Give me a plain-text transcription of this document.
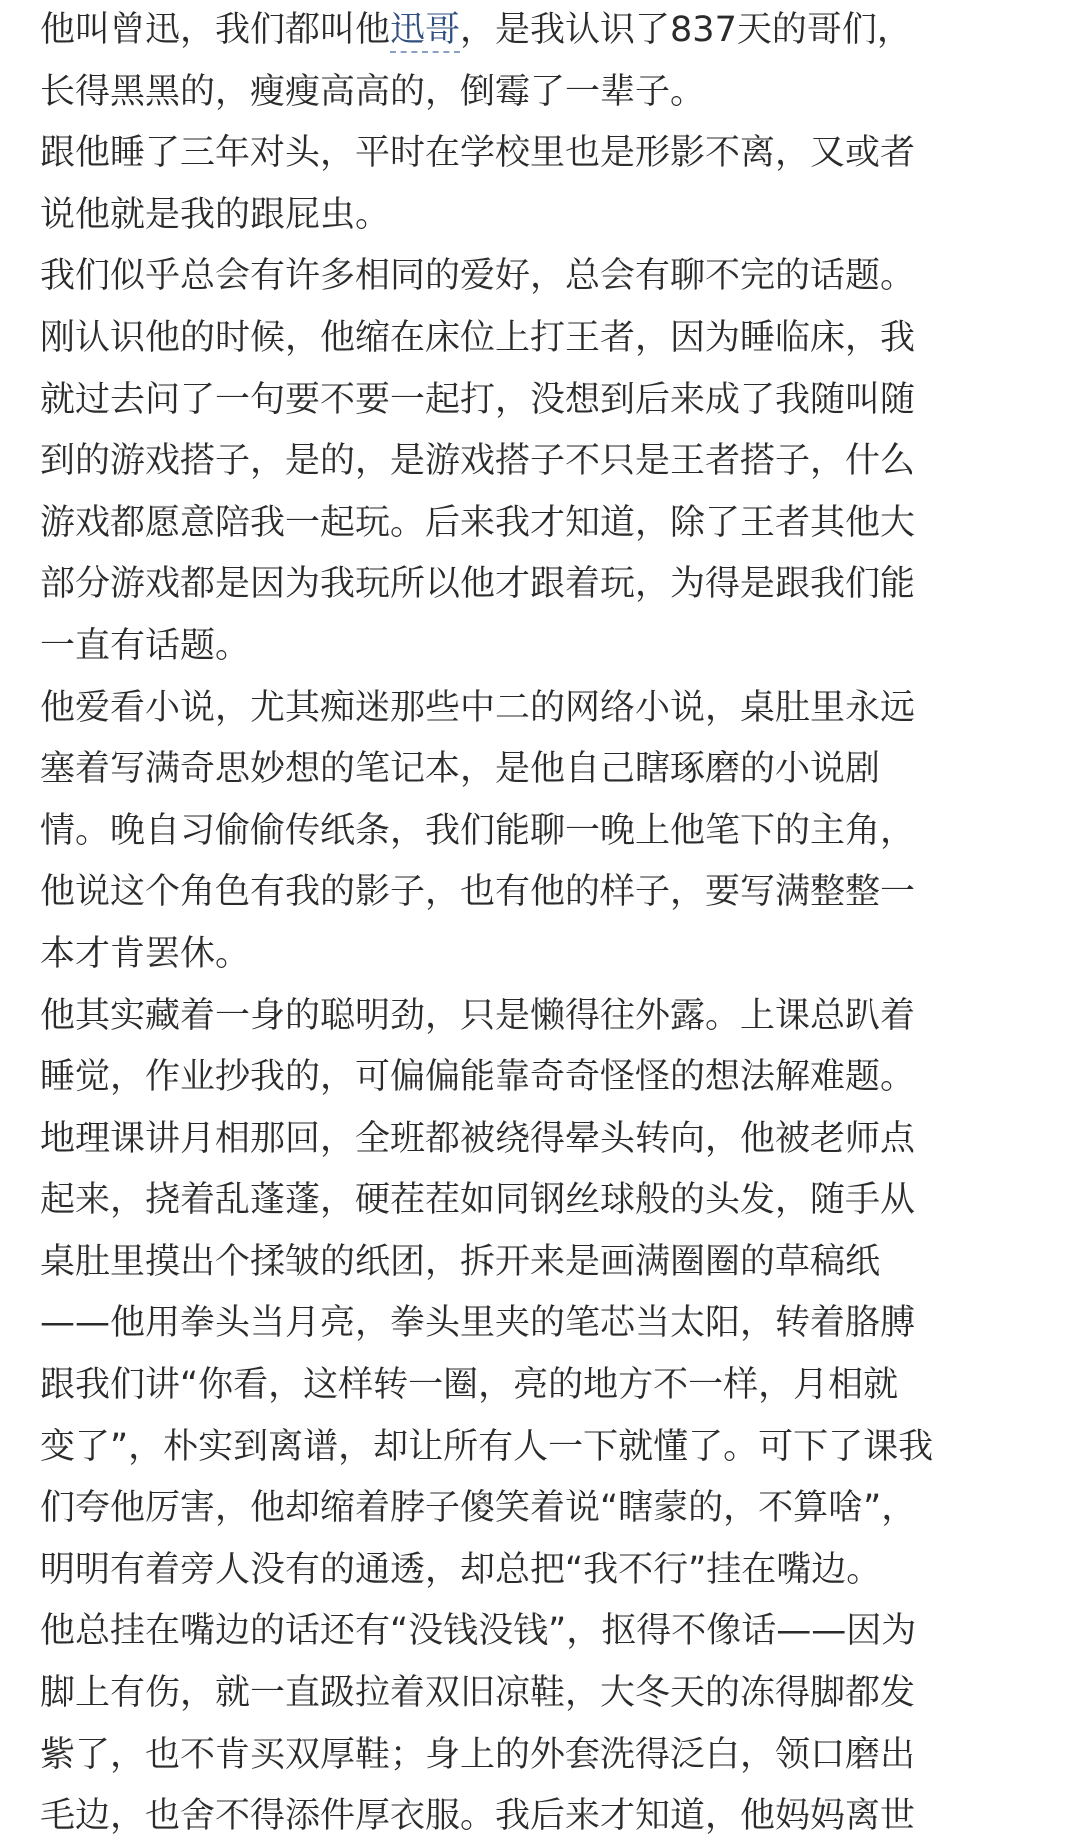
他叫曾迅，我们都叫他迅哥，是我认识了837天的哥们，
长得黑黑的，瘦瘦高高的，倒霉了一辈子。
跟他睡了三年对头，平时在学校里也是形影不离，又或者
说他就是我的跟屁虫。
我们似乎总会有许多相同的爱好，总会有聊不完的话题。
刚认识他的时候，他缩在床位上打王者，因为睡临床，我
就过去问了一句要不要一起打，没想到后来成了我随叫随
到的游戏搭子，是的，是游戏搭子不只是王者搭子，什么
游戏都愿意陪我一起玩。后来我才知道，除了王者其他大
部分游戏都是因为我玩所以他才跟着玩，为得是跟我们能
一直有话题。
他爱看小说，尤其痴迷那些中二的网络小说，桌肚里永远
塞着写满奇思妙想的笔记本，是他自己瞎琢磨的小说剧
情。晚自习偷偷传纸条，我们能聊一晚上他笔下的主角，
他说这个角色有我的影子，也有他的样子，要写满整整一
本才肯罢休。
他其实藏着一身的聪明劲，只是懒得往外露。上课总趴着
睡觉，作业抄我的，可偏偏能靠奇奇怪怪的想法解难题。
地理课讲月相那回，全班都被绕得晕头转向，他被老师点
起来，挠着乱蓬蓬，硬茬茬如同钢丝球般的头发，随手从
桌肚里摸出个揉皱的纸团，拆开来是画满圈圈的草稿纸
——他用拳头当月亮，拳头里夹的笔芯当太阳，转着胳膊
跟我们讲“你看，这样转一圈，亮的地方不一样，月相就
变了”，朴实到离谱，却让所有人一下就懂了。可下了课我
们夸他厉害，他却缩着脖子傻笑着说“瞎蒙的，不算啥”，
明明有着旁人没有的通透，却总把“我不行”挂在嘴边。
他总挂在嘴边的话还有“没钱没钱”，抠得不像话——因为
脚上有伤，就一直趿拉着双旧凉鞋，大冬天的冻得脚都发
紫了，也不肯买双厚鞋；身上的外套洗得泛白，领口磨出
毛边，也舍不得添件厚衣服。我后来才知道，他妈妈离世
